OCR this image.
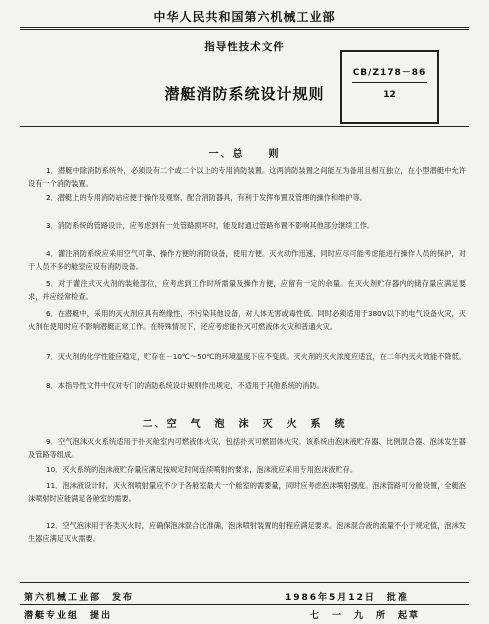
中华人民共和国第六机械工业部
指导性技术文件
潜艇消防系统设计规则
CB/Z178－86
12
一、总　　则
1．潜艇中除消防系统外，必须设有二个或二个以上的专用消防装置。这两消防装置之间能互为备用且相互独立，在小型潜艇中允许设有一个消防装置。
2．潜艇上的专用消防站应便于操作及观察，配合消防器具，有利于发挥布置及管理的操作和维护等。
3．消防系统的管路设计，应考虑到有一处管路损坏时，能及时通过管路布置不影响其他部分继续工作。
4．灌注消防系统应采用空气可靠、操作方便的消防设备，使用方便。灭火动作迅速，同时应尽可能考虑能进行操作人员的保护，对于人员不多的舱室应设有消防设备。
5．对于灌注式灭火剂的装舱部位，应考虑到工作时所需量及操作方便，应留有一定的余量。在灭火剂贮存器内的储存量应满足要求，并应经常检查。
6．在潜艇中，采用的灭火剂应具有绝缘性，不污染其他设备，对人体无害或毒性低。同时必须适用于380V以下的电气设备火灾，灭火剂在使用时应不影响潜艇正常工作。在特殊情况下，还应考虑能扑灭可燃液体火灾和普通火灾。
7．灭火剂的化学性能应稳定，贮存在－10℃～50℃的环境温度下应不变质。灭火剂的灭火浓度应适宜，在二年内灭火效能不降低。
8．本指导性文件中仅对专门的消防系统设计规则作出规定，不适用于其他系统的消防。
二、空　气　泡　沫　灭　火　系　统
9．空气泡沫灭火系统适用于扑灭舱室内可燃液体火灾，包括扑灭可燃固体火灾。该系统由泡沫液贮存器、比例混合器、泡沫发生器及管路等组成。
10．灭火系统的泡沫液贮存量应满足按规定时间连续喷射的要求，泡沫液应采用专用泡沫液贮存。
11．泡沫液设计时，灭火剂喷射量应不少于各舱室最大一个舱室的需要量，同时应考虑泡沫喷射强度。泡沫管路可分舱设置，全艇泡沫喷射时应能满足各舱室的需要。
12．空气泡沫用于各类灭火时，应确保泡沫混合比准确，泡沫喷射装置的射程应满足要求。泡沫混合液的流量不小于规定值，泡沫发生器应满足灭火需要。
第六机械工业部　发布	1986年5月12日　批准
潜艇专业组　提出	七　一　九　所　起草
